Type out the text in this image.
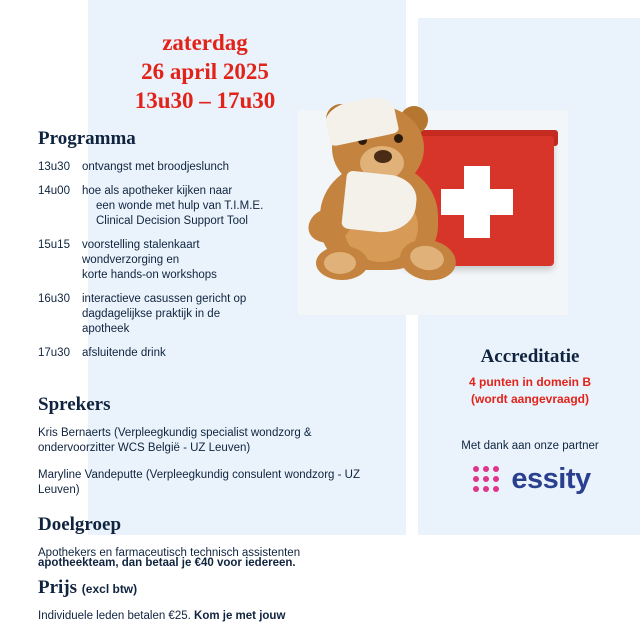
zaterdag
26 april 2025
13u30 – 17u30
Programma
13u30	ontvangst met broodjeslunch
14u00	hoe als apotheker kijken naar
een wonde met hulp van T.I.M.E.
Clinical Decision Support Tool
15u15	voorstelling stalenkaart
wondverzorging en
korte hands-on workshops
16u30	interactieve casussen gericht op
dagdagelijkse praktijk in de
apotheek
17u30	afsluitende drink
Sprekers
Kris Bernaerts (Verpleegkundig specialist wondzorg & ondervoorzitter WCS België - UZ Leuven)
Maryline Vandeputte (Verpleegkundig consulent wondzorg - UZ Leuven)
Doelgroep
Apothekers en farmaceutisch technisch assistenten
Prijs (excl btw)
Individuele leden betalen €25. Kom je met jouw
apotheekteam, dan betaal je €40 voor iedereen.
Accreditatie
4 punten in domein B
(wordt aangevraagd)
Met dank aan onze partner
essity
